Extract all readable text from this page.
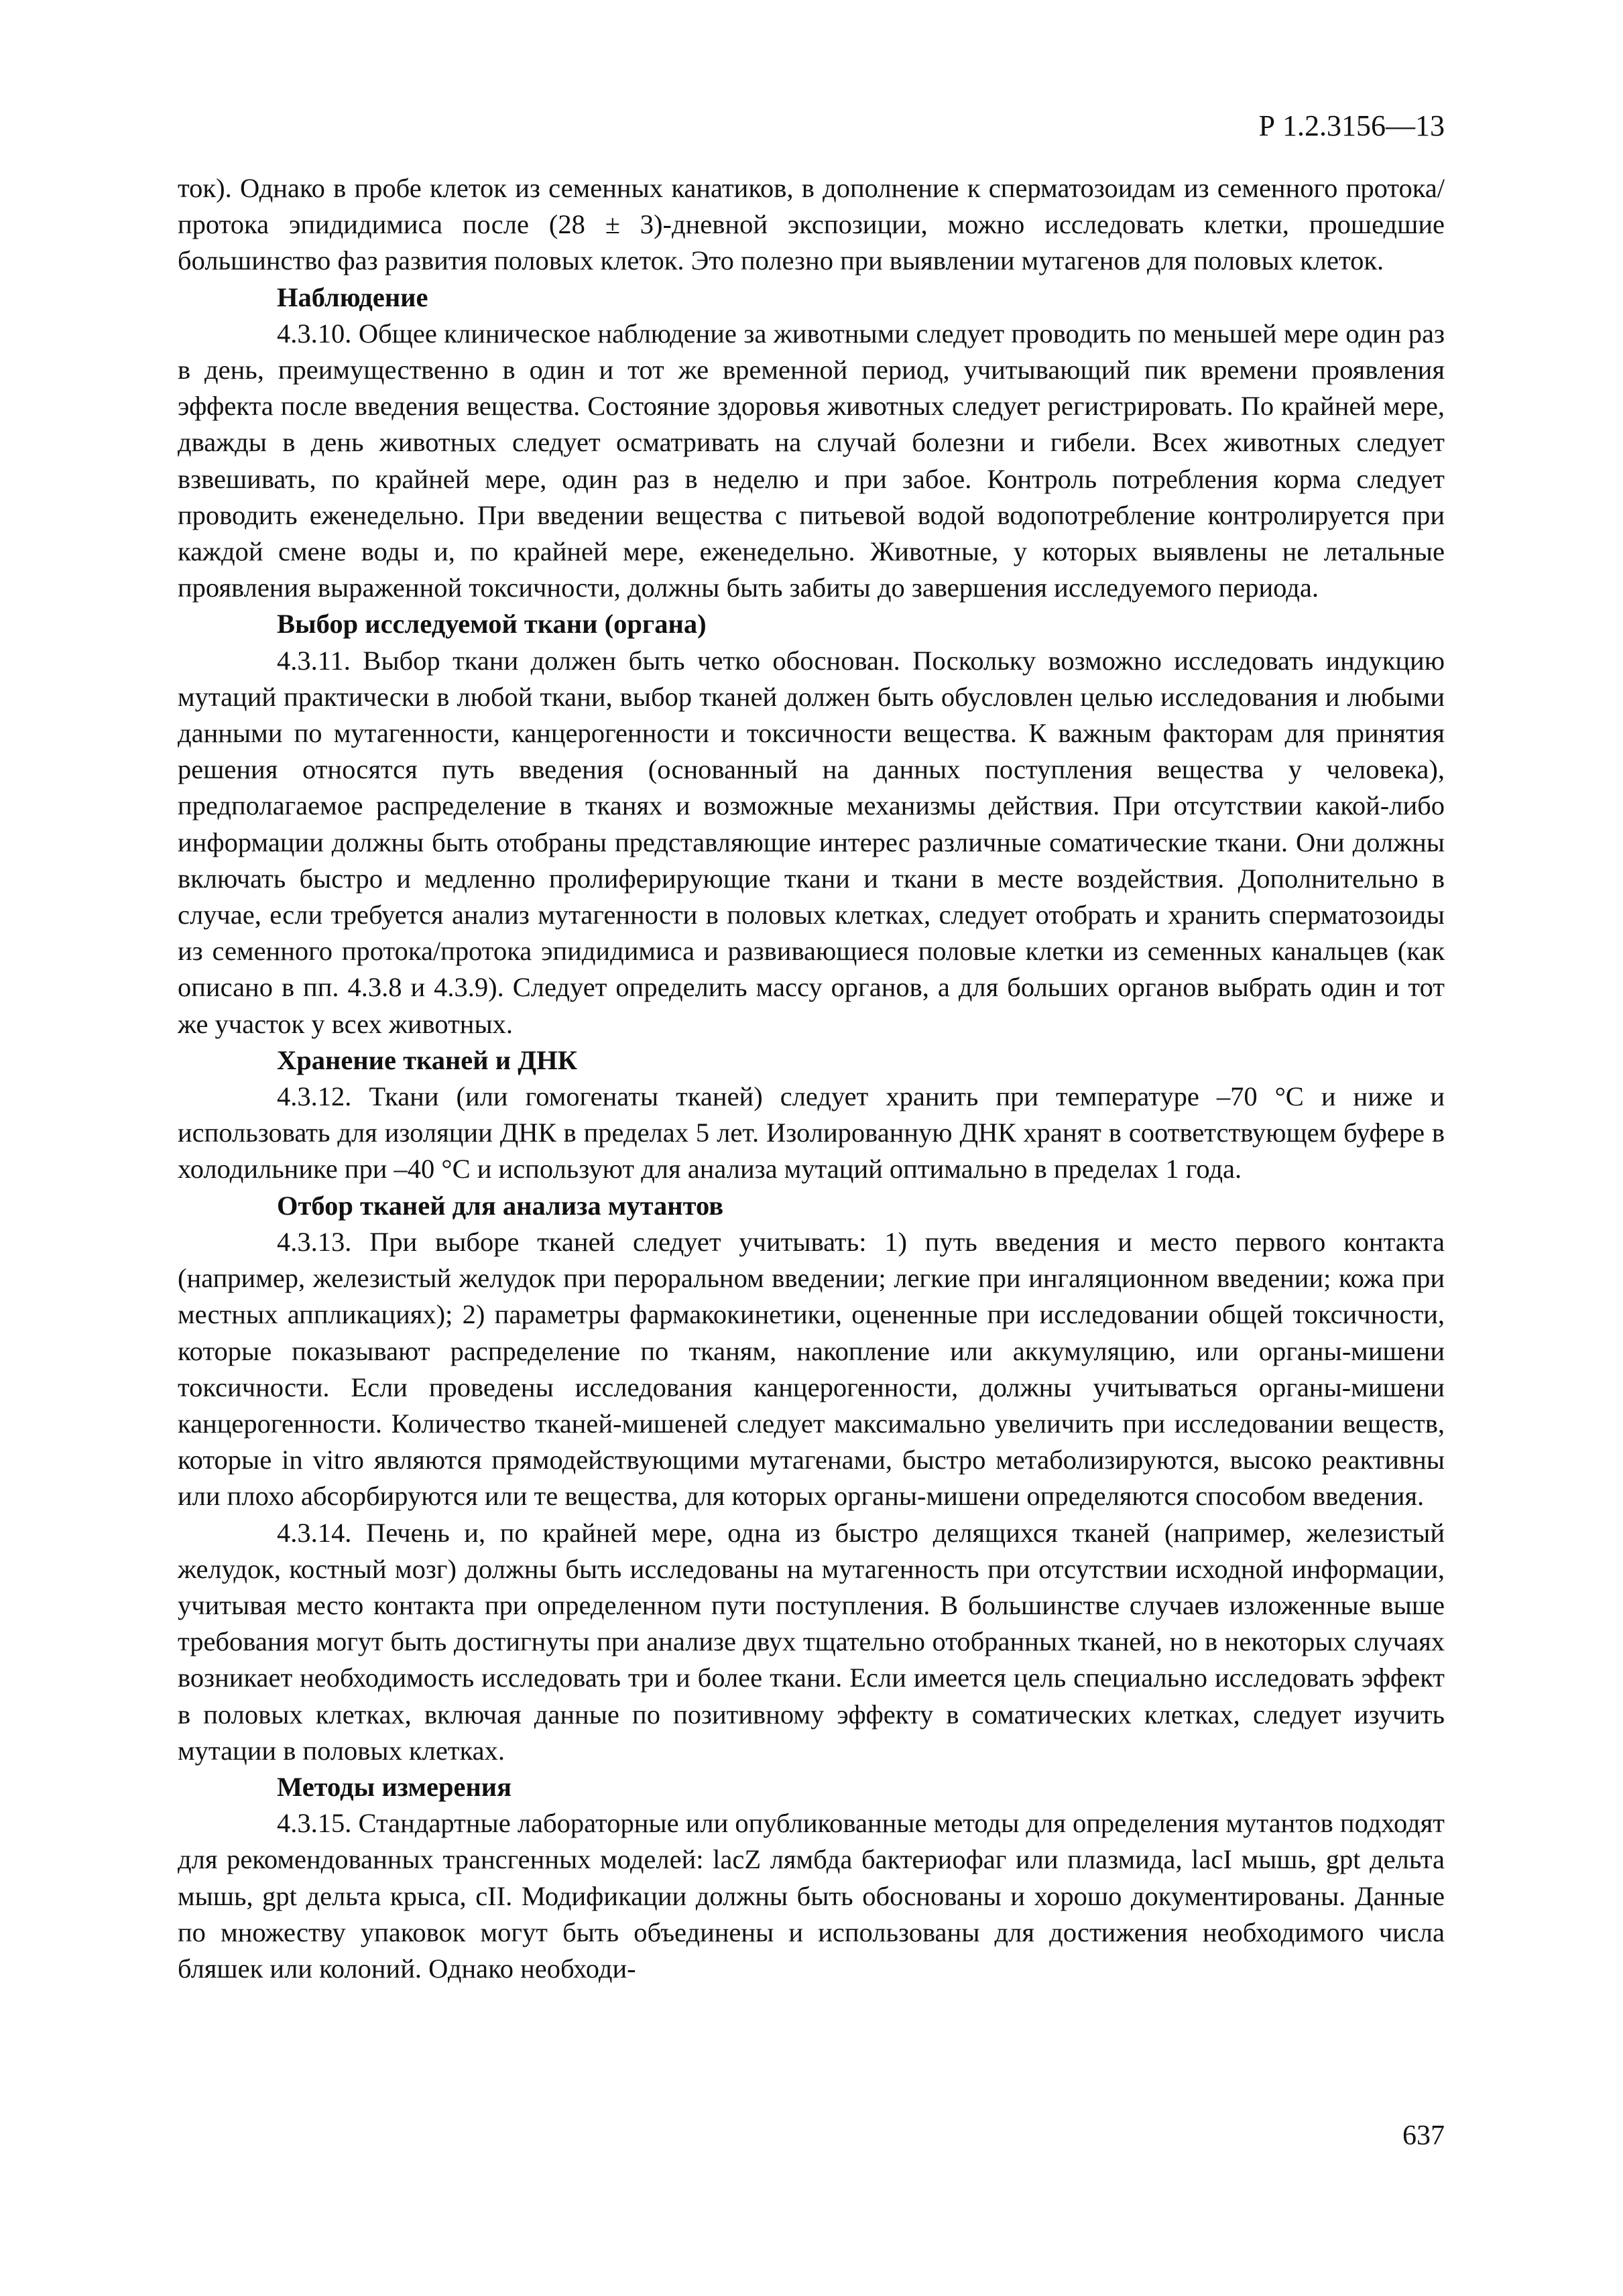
Р 1.2.3156—13

ток). Однако в пробе клеток из семенных канатиков, в дополнение к сперматозоидам из семенного протока/протока эпидидимиса после (28 ± 3)-дневной экспозиции, можно исследовать клетки, прошедшие большинство фаз развития половых клеток. Это полезно при выявлении мутагенов для половых клеток.

Наблюдение

4.3.10. Общее клиническое наблюдение за животными следует проводить по меньшей мере один раз в день, преимущественно в один и тот же временной период, учитывающий пик времени проявления эффекта после введения вещества. Состояние здоровья животных следует регистрировать. По крайней мере, дважды в день животных следует осматривать на случай болезни и гибели. Всех животных следует взвешивать, по крайней мере, один раз в неделю и при забое. Контроль потребления корма следует проводить еженедельно. При введении вещества с питьевой водой водопотребление контролируется при каждой смене воды и, по крайней мере, еженедельно. Животные, у которых выявлены не летальные проявления выраженной токсичности, должны быть забиты до завершения исследуемого периода.

Выбор исследуемой ткани (органа)

4.3.11. Выбор ткани должен быть четко обоснован. Поскольку возможно исследовать индукцию мутаций практически в любой ткани, выбор тканей должен быть обусловлен целью исследования и любыми данными по мутагенности, канцерогенности и токсичности вещества. К важным факторам для принятия решения относятся путь введения (основанный на данных поступления вещества у человека), предполагаемое распределение в тканях и возможные механизмы действия. При отсутствии какой-либо информации должны быть отобраны представляющие интерес различные соматические ткани. Они должны включать быстро и медленно пролиферирующие ткани и ткани в месте воздействия. Дополнительно в случае, если требуется анализ мутагенности в половых клетках, следует отобрать и хранить сперматозоиды из семенного протока/протока эпидидимиса и развивающиеся половые клетки из семенных канальцев (как описано в пп. 4.3.8 и 4.3.9). Следует определить массу органов, а для больших органов выбрать один и тот же участок у всех животных.

Хранение тканей и ДНК

4.3.12. Ткани (или гомогенаты тканей) следует хранить при температуре –70 °С и ниже и использовать для изоляции ДНК в пределах 5 лет. Изолированную ДНК хранят в соответствующем буфере в холодильнике при –40 °С и используют для анализа мутаций оптимально в пределах 1 года.

Отбор тканей для анализа мутантов

4.3.13. При выборе тканей следует учитывать: 1) путь введения и место первого контакта (например, железистый желудок при пероральном введении; легкие при ингаляционном введении; кожа при местных аппликациях); 2) параметры фармакокинетики, оцененные при исследовании общей токсичности, которые показывают распределение по тканям, накопление или аккумуляцию, или органы-мишени токсичности. Если проведены исследования канцерогенности, должны учитываться органы-мишени канцерогенности. Количество тканей-мишеней следует максимально увеличить при исследовании веществ, которые in vitro являются прямодействующими мутагенами, быстро метаболизируются, высоко реактивны или плохо абсорбируются или те вещества, для которых органы-мишени определяются способом введения.

4.3.14. Печень и, по крайней мере, одна из быстро делящихся тканей (например, железистый желудок, костный мозг) должны быть исследованы на мутагенность при отсутствии исходной информации, учитывая место контакта при определенном пути поступления. В большинстве случаев изложенные выше требования могут быть достигнуты при анализе двух тщательно отобранных тканей, но в некоторых случаях возникает необходимость исследовать три и более ткани. Если имеется цель специально исследовать эффект в половых клетках, включая данные по позитивному эффекту в соматических клетках, следует изучить мутации в половых клетках.

Методы измерения

4.3.15. Стандартные лабораторные или опубликованные методы для определения мутантов подходят для рекомендованных трансгенных моделей: lacZ лямбда бактериофаг или плазмида, lacI мышь, gpt дельта мышь, gpt дельта крыса, cII. Модификации должны быть обоснованы и хорошо документированы. Данные по множеству упаковок могут быть объединены и использованы для достижения необходимого числа бляшек или колоний. Однако необходи-

637
